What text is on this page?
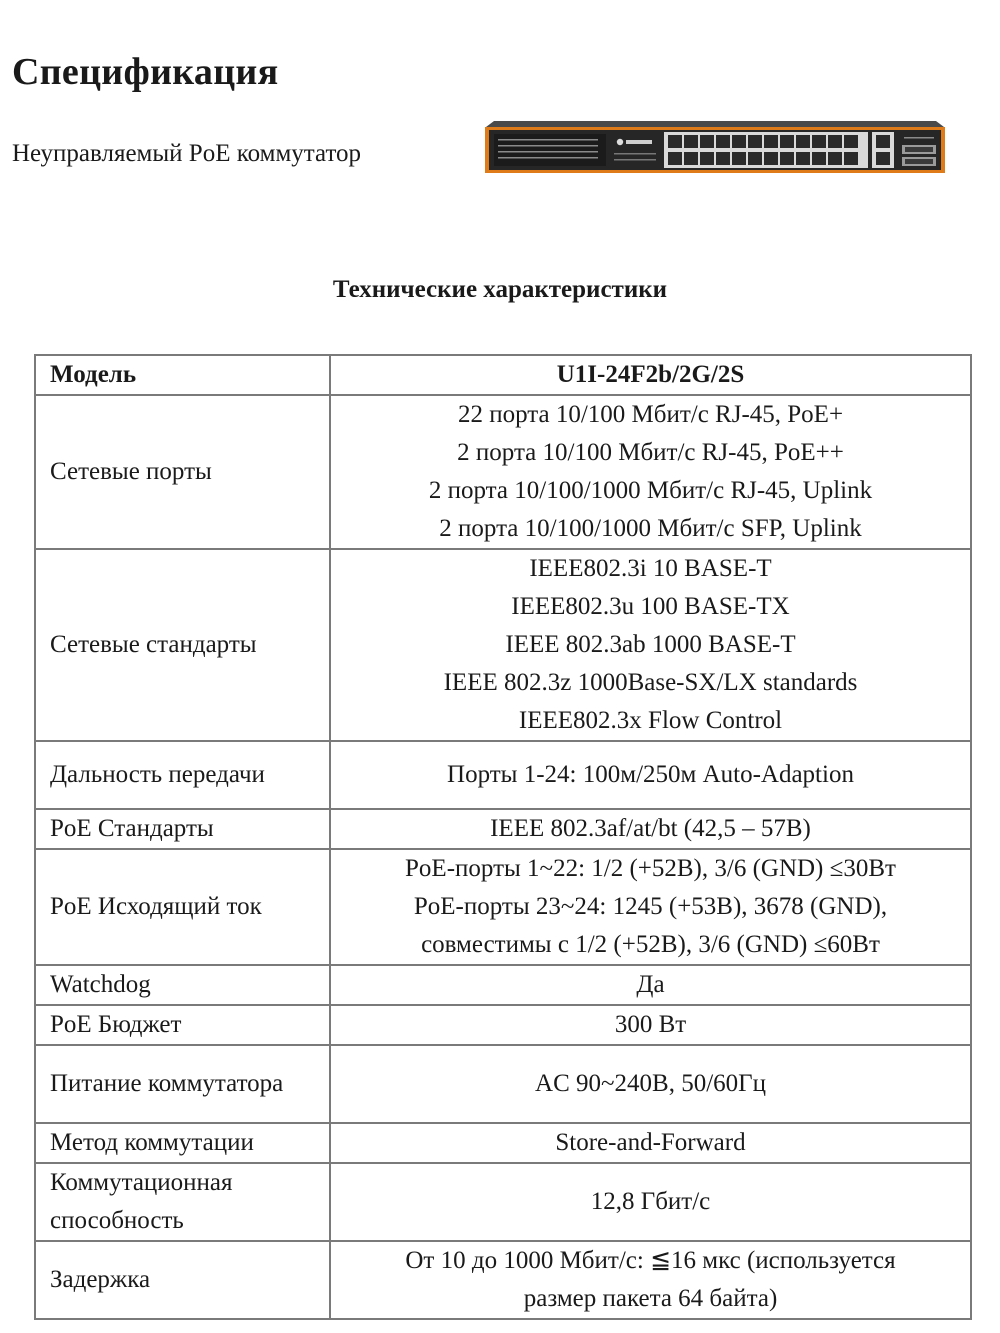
Спецификация
Неуправляемый PoE коммутатор
Технические характеристики
Модель	U1I-24F2b/2G/2S
Сетевые порты	22 порта 10/100 Мбит/с RJ-45, PoE+
2 порта 10/100 Мбит/с RJ-45, PoE++
2 порта 10/100/1000 Мбит/с RJ-45, Uplink
2 порта 10/100/1000 Мбит/с SFP, Uplink

Сетевые стандарты	IEEE802.3i 10 BASE-T
IEEE802.3u 100 BASE-TX
IEEE 802.3ab 1000 BASE-T
IEEE 802.3z 1000Base-SX/LX standards
IEEE802.3x Flow Control

Дальность передачи	Порты 1-24: 100м/250м Auto-Adaption

PoE Стандарты	IEEE 802.3af/at/bt (42,5 – 57В)

PoE Исходящий ток	PoE-порты 1~22: 1/2 (+52В), 3/6 (GND) ≤30Вт
PoE-порты 23~24: 1245 (+53В), 3678 (GND),
совместимы с 1/2 (+52В), 3/6 (GND) ≤60Вт

Watchdog	Да

PoE Бюджет	300 Вт

Питание коммутатора	AC 90~240В, 50/60Гц

Метод коммутации	Store-and-Forward

Коммутационная способность	12,8 Гбит/с

Задержка	От 10 до 1000 Мбит/с: ≦16 мкс (используется
размер пакета 64 байта)
